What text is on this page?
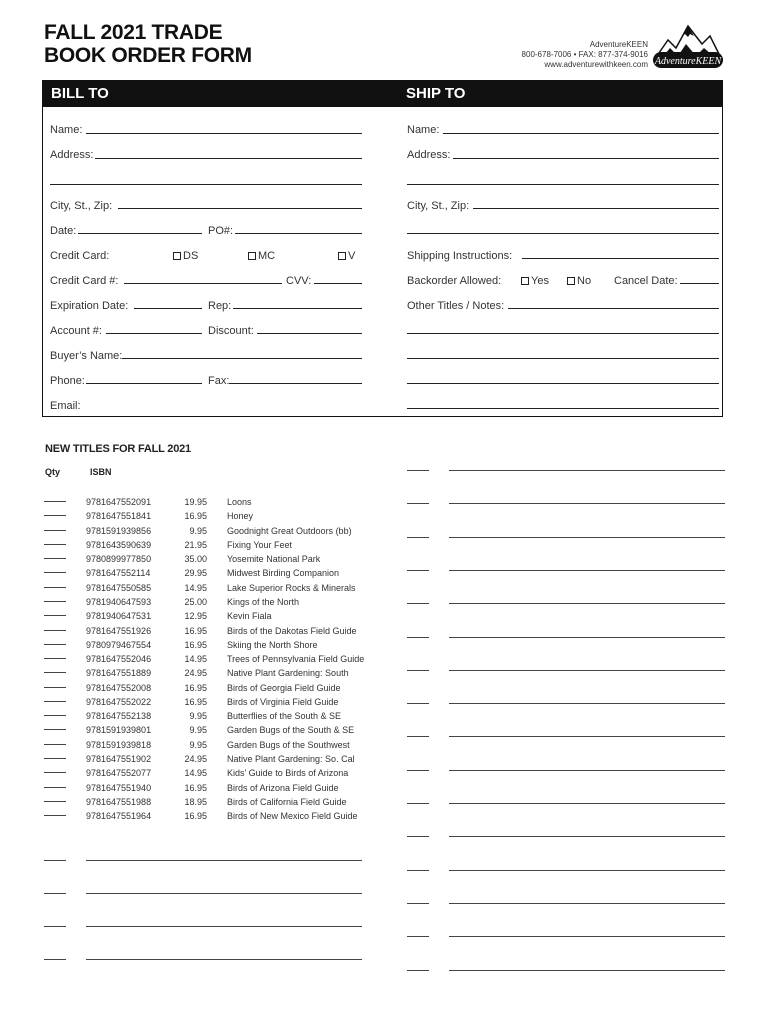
FALL 2021 TRADE
BOOK ORDER FORM	AdventureKEEN
800-678-7006 • FAX: 877-374-9016
www.adventurewithkeen.com AdventureKEEN
BILL TO	SHIP TO
Name:
Address:
City, St., Zip:
Date:	PO#:
Credit Card:	DS	MC	V
Credit Card #:	CVV:
Expiration Date:	Rep:
Account #:	Discount:
Buyer’s Name:
Phone:	Fax:
Email:
Name:
Address:
City, St., Zip:
Shipping Instructions:
Backorder Allowed:	Yes	No Cancel Date:
Other Titles / Notes:
NEW TITLES FOR FALL 2021
Qty	ISBN
9781647552091	19.95 Loons
9781647551841	16.95 Honey
9781591939856	9.95 Goodnight Great Outdoors (bb)
9781643590639	21.95 Fixing Your Feet
9780899977850	35.00 Yosemite National Park
9781647552114	29.95 Midwest Birding Companion
9781647550585	14.95 Lake Superior Rocks & Minerals
9781940647593	25.00 Kings of the North
9781940647531	12.95 Kevin Fiala
9781647551926	16.95 Birds of the Dakotas Field Guide
9780979467554	16.95 Skiing the North Shore
9781647552046	14.95 Trees of Pennsylvania Field Guide
9781647551889	24.95 Native Plant Gardening: South
9781647552008	16.95 Birds of Georgia Field Guide
9781647552022	16.95 Birds of Virginia Field Guide
9781647552138	9.95 Butterflies of the South & SE
9781591939801	9.95 Garden Bugs of the South & SE
9781591939818	9.95 Garden Bugs of the Southwest
9781647551902	24.95 Native Plant Gardening: So. Cal
9781647552077	14.95 Kids’ Guide to Birds of Arizona
9781647551940	16.95 Birds of Arizona Field Guide
9781647551988	18.95 Birds of California Field Guide
9781647551964	16.95 Birds of New Mexico Field Guide
